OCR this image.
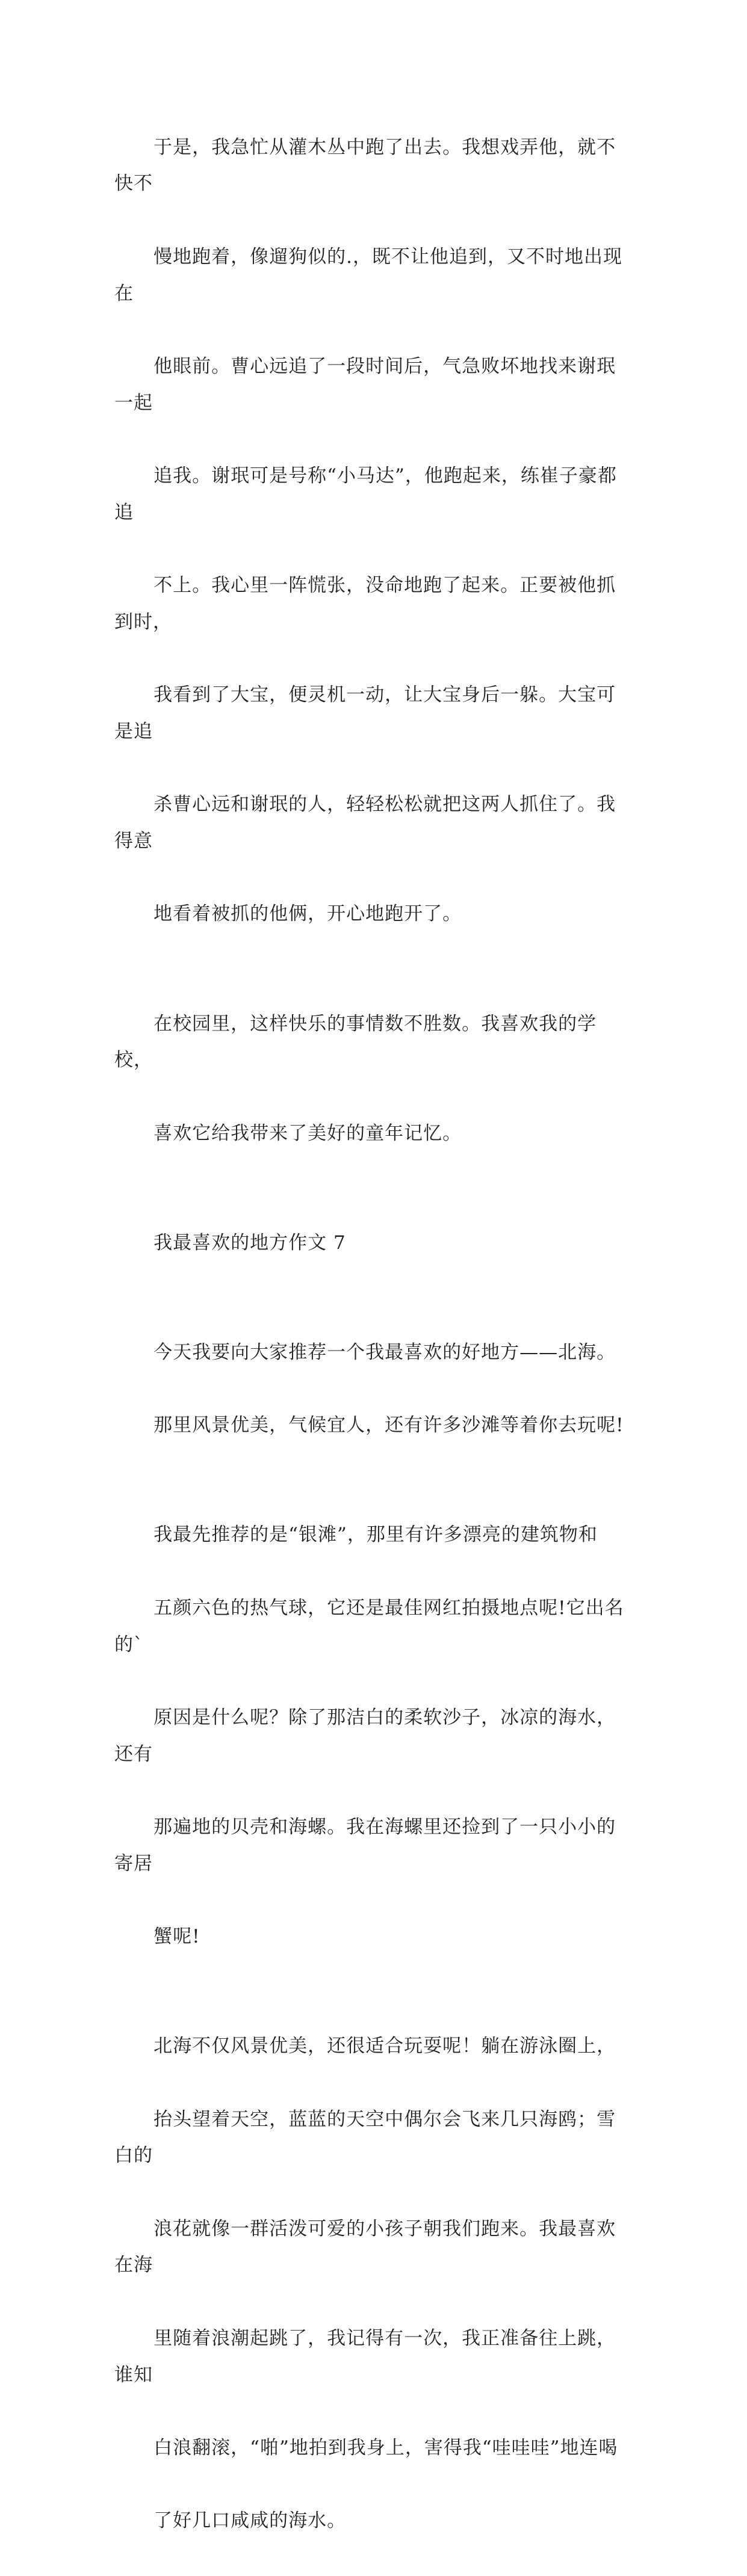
于是，我急忙从灌木丛中跑了出去。我想戏弄他，就不快不

慢地跑着，像遛狗似的.，既不让他追到，又不时地出现在

他眼前。曹心远追了一段时间后，气急败坏地找来谢珉一起

追我。谢珉可是号称“小马达”，他跑起来，练崔子豪都追

不上。我心里一阵慌张，没命地跑了起来。正要被他抓到时，

我看到了大宝，便灵机一动，让大宝身后一躲。大宝可是追

杀曹心远和谢珉的人，轻轻松松就把这两人抓住了。我得意

地看着被抓的他俩，开心地跑开了。

在校园里，这样快乐的事情数不胜数。我喜欢我的学校，

喜欢它给我带来了美好的童年记忆。

我最喜欢的地方作文 7

今天我要向大家推荐一个我最喜欢的好地方——北海。

那里风景优美，气候宜人，还有许多沙滩等着你去玩呢!

我最先推荐的是“银滩”，那里有许多漂亮的建筑物和

五颜六色的热气球，它还是最佳网红拍摄地点呢!它出名的`

原因是什么呢？除了那洁白的柔软沙子，冰凉的海水，还有

那遍地的贝壳和海螺。我在海螺里还捡到了一只小小的寄居

蟹呢!

北海不仅风景优美，还很适合玩耍呢！躺在游泳圈上，

抬头望着天空，蓝蓝的天空中偶尔会飞来几只海鸥；雪白的

浪花就像一群活泼可爱的小孩子朝我们跑来。我最喜欢在海

里随着浪潮起跳了，我记得有一次，我正准备往上跳，谁知

白浪翻滚，“啪”地拍到我身上，害得我“哇哇哇”地连喝

了好几口咸咸的海水。
